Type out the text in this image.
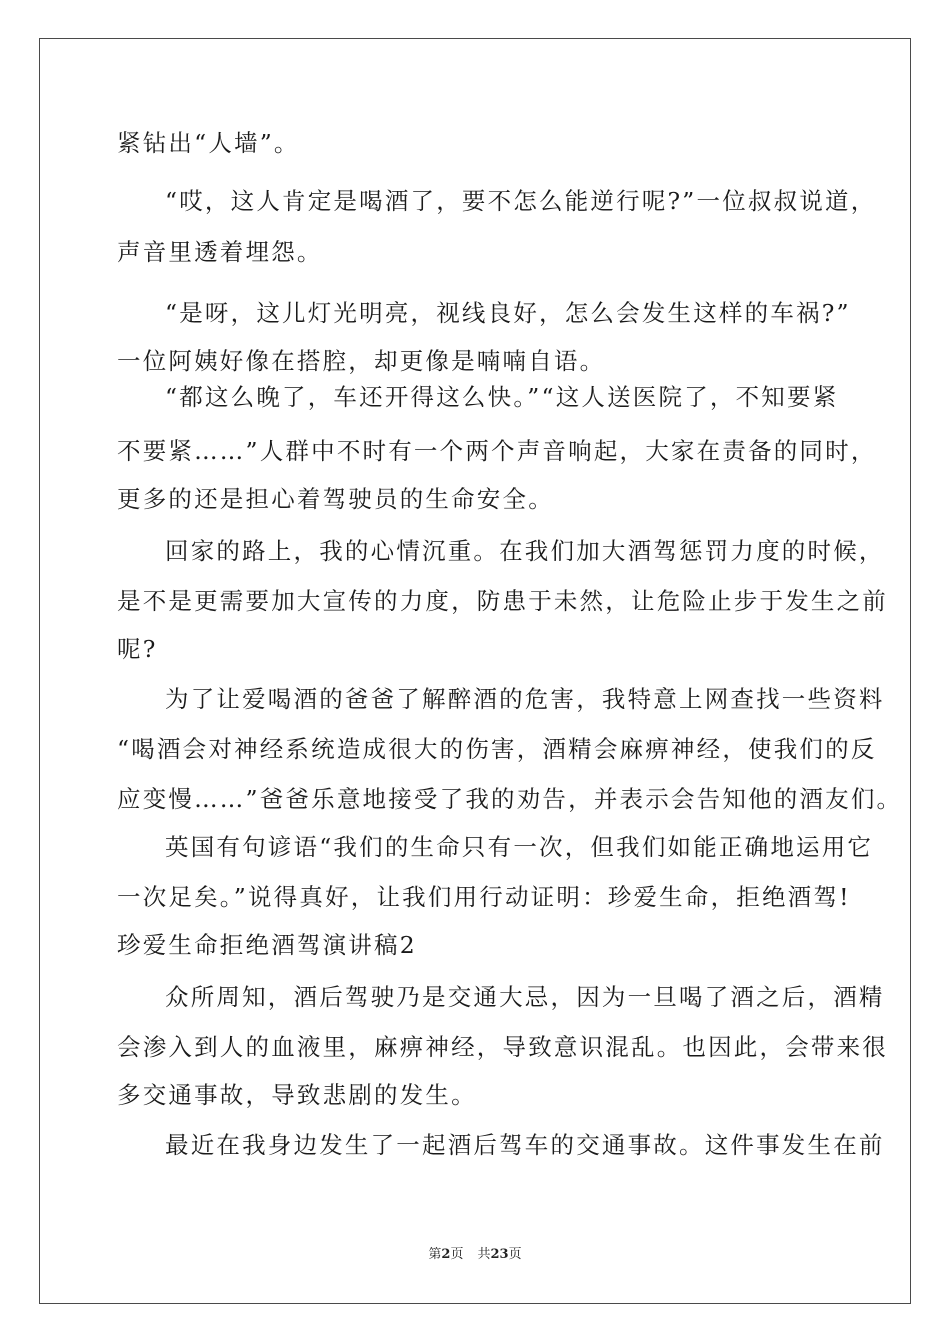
紧钻出“人墙”。
“哎，这人肯定是喝酒了，要不怎么能逆行呢?”一位叔叔说道，
声音里透着埋怨。
“是呀，这儿灯光明亮，视线良好，怎么会发生这样的车祸?”
一位阿姨好像在搭腔，却更像是喃喃自语。
“都这么晚了，车还开得这么快。”“这人送医院了，不知要紧
不要紧……”人群中不时有一个两个声音响起，大家在责备的同时，
更多的还是担心着驾驶员的生命安全。
回家的路上，我的心情沉重。在我们加大酒驾惩罚力度的时候，
是不是更需要加大宣传的力度，防患于未然，让危险止步于发生之前
呢?
为了让爱喝酒的爸爸了解醉酒的危害，我特意上网查找一些资料
“喝酒会对神经系统造成很大的伤害，酒精会麻痹神经，使我们的反
应变慢……”爸爸乐意地接受了我的劝告，并表示会告知他的酒友们。
英国有句谚语“我们的生命只有一次，但我们如能正确地运用它
一次足矣。”说得真好，让我们用行动证明：珍爱生命，拒绝酒驾!
珍爱生命拒绝酒驾演讲稿2
众所周知，酒后驾驶乃是交通大忌，因为一旦喝了酒之后，酒精
会渗入到人的血液里，麻痹神经，导致意识混乱。也因此，会带来很
多交通事故，导致悲剧的发生。
最近在我身边发生了一起酒后驾车的交通事故。这件事发生在前
第2页 共23页
